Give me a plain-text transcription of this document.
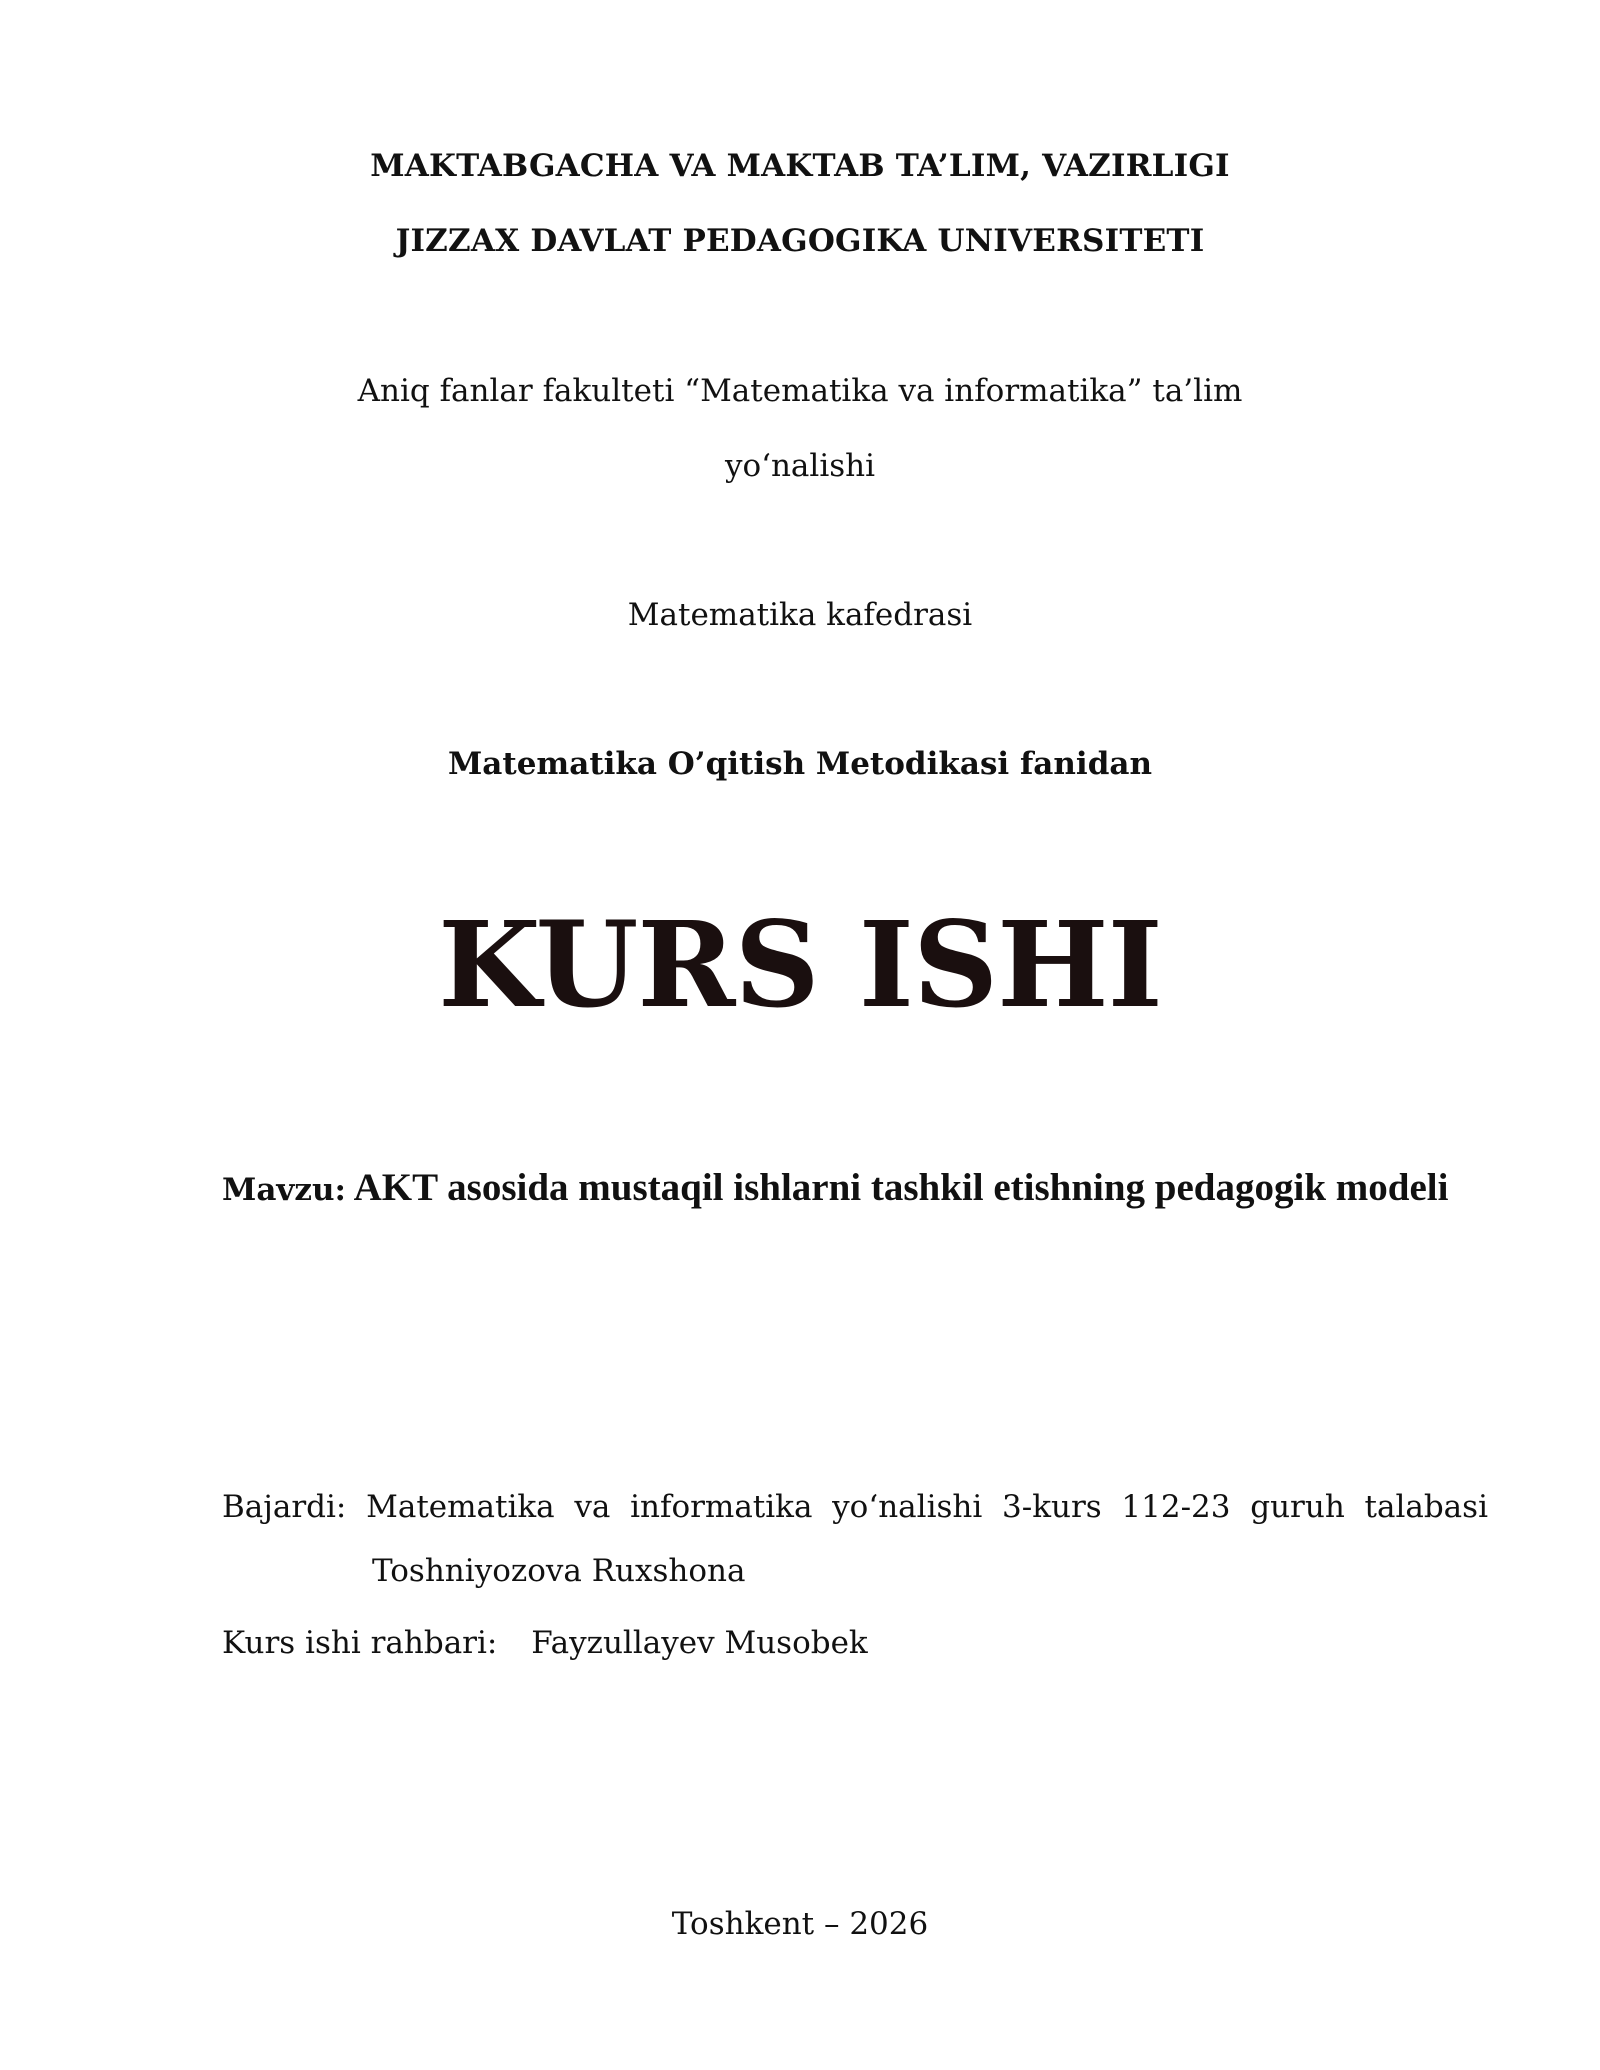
MAKTABGACHA VA MAKTAB TA’LIM, VAZIRLIGI
JIZZAX DAVLAT PEDAGOGIKA UNIVERSITETI
Aniq fanlar fakulteti “Matematika va informatika” ta’lim
yo‘nalishi
Matematika kafedrasi
Matematika O’qitish Metodikasi fanidan
KURS ISHI
Mavzu: AKT asosida mustaqil ishlarni tashkil etishning pedagogik modeli
Bajardi: Matematika va informatika yo‘nalishi 3-kurs 112-23 guruh talabasi
Toshniyozova Ruxshona
Kurs ishi rahbari: Fayzullayev Musobek
Toshkent – 2026
